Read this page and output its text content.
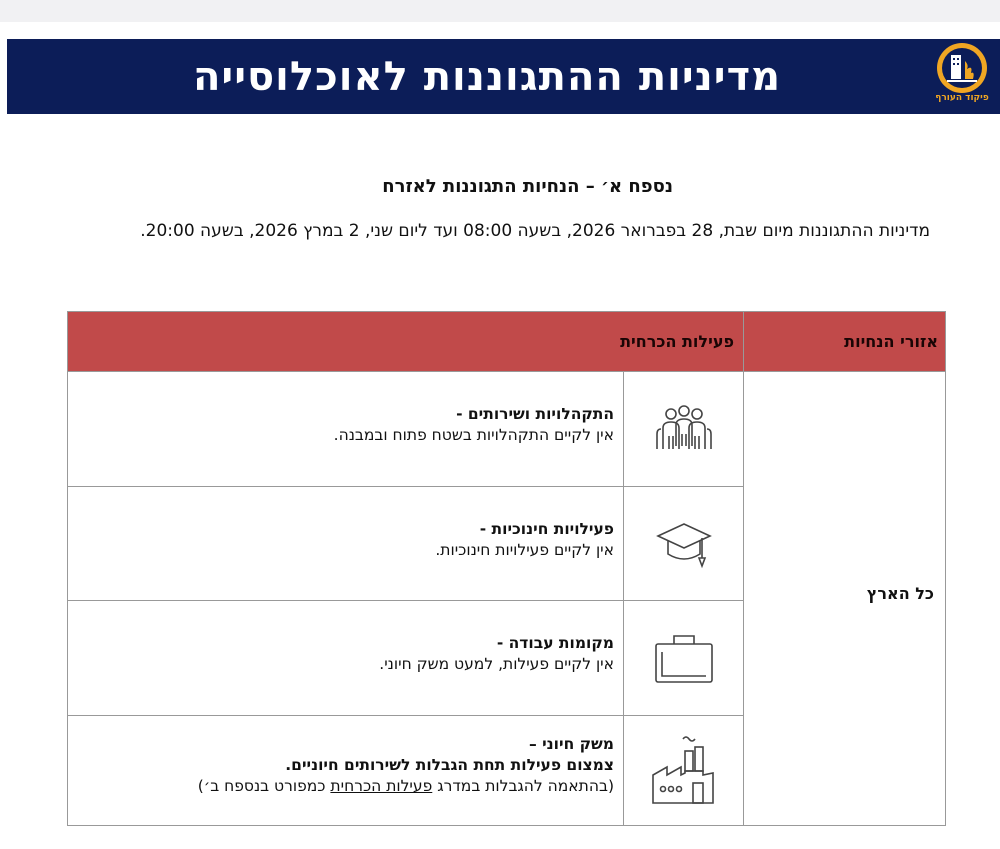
מדיניות ההתגוננות לאוכלוסייה	פיקוד העורף
נספח א׳ – הנחיות התגוננות לאזרח
מדיניות ההתגוננות מיום שבת, 28 בפברואר 2026, בשעה 08:00 ועד ליום שני, 2 במרץ 2026, בשעה 20:00.
פעילות הכרחית	אזורי הנחיות
כל הארץ
התקהלויות ושירותים -
אין לקיים התקהלויות בשטח פתוח ובמבנה.
פעילויות חינוכיות -
אין לקיים פעילויות חינוכיות.
מקומות עבודה -
אין לקיים פעילות, למעט משק חיוני.
משק חיוני –
צמצום פעילות תחת הגבלות לשירותים חיוניים.
(בהתאמה להגבלות במדרג פעילות הכרחית כמפורט בנספח ב׳)
